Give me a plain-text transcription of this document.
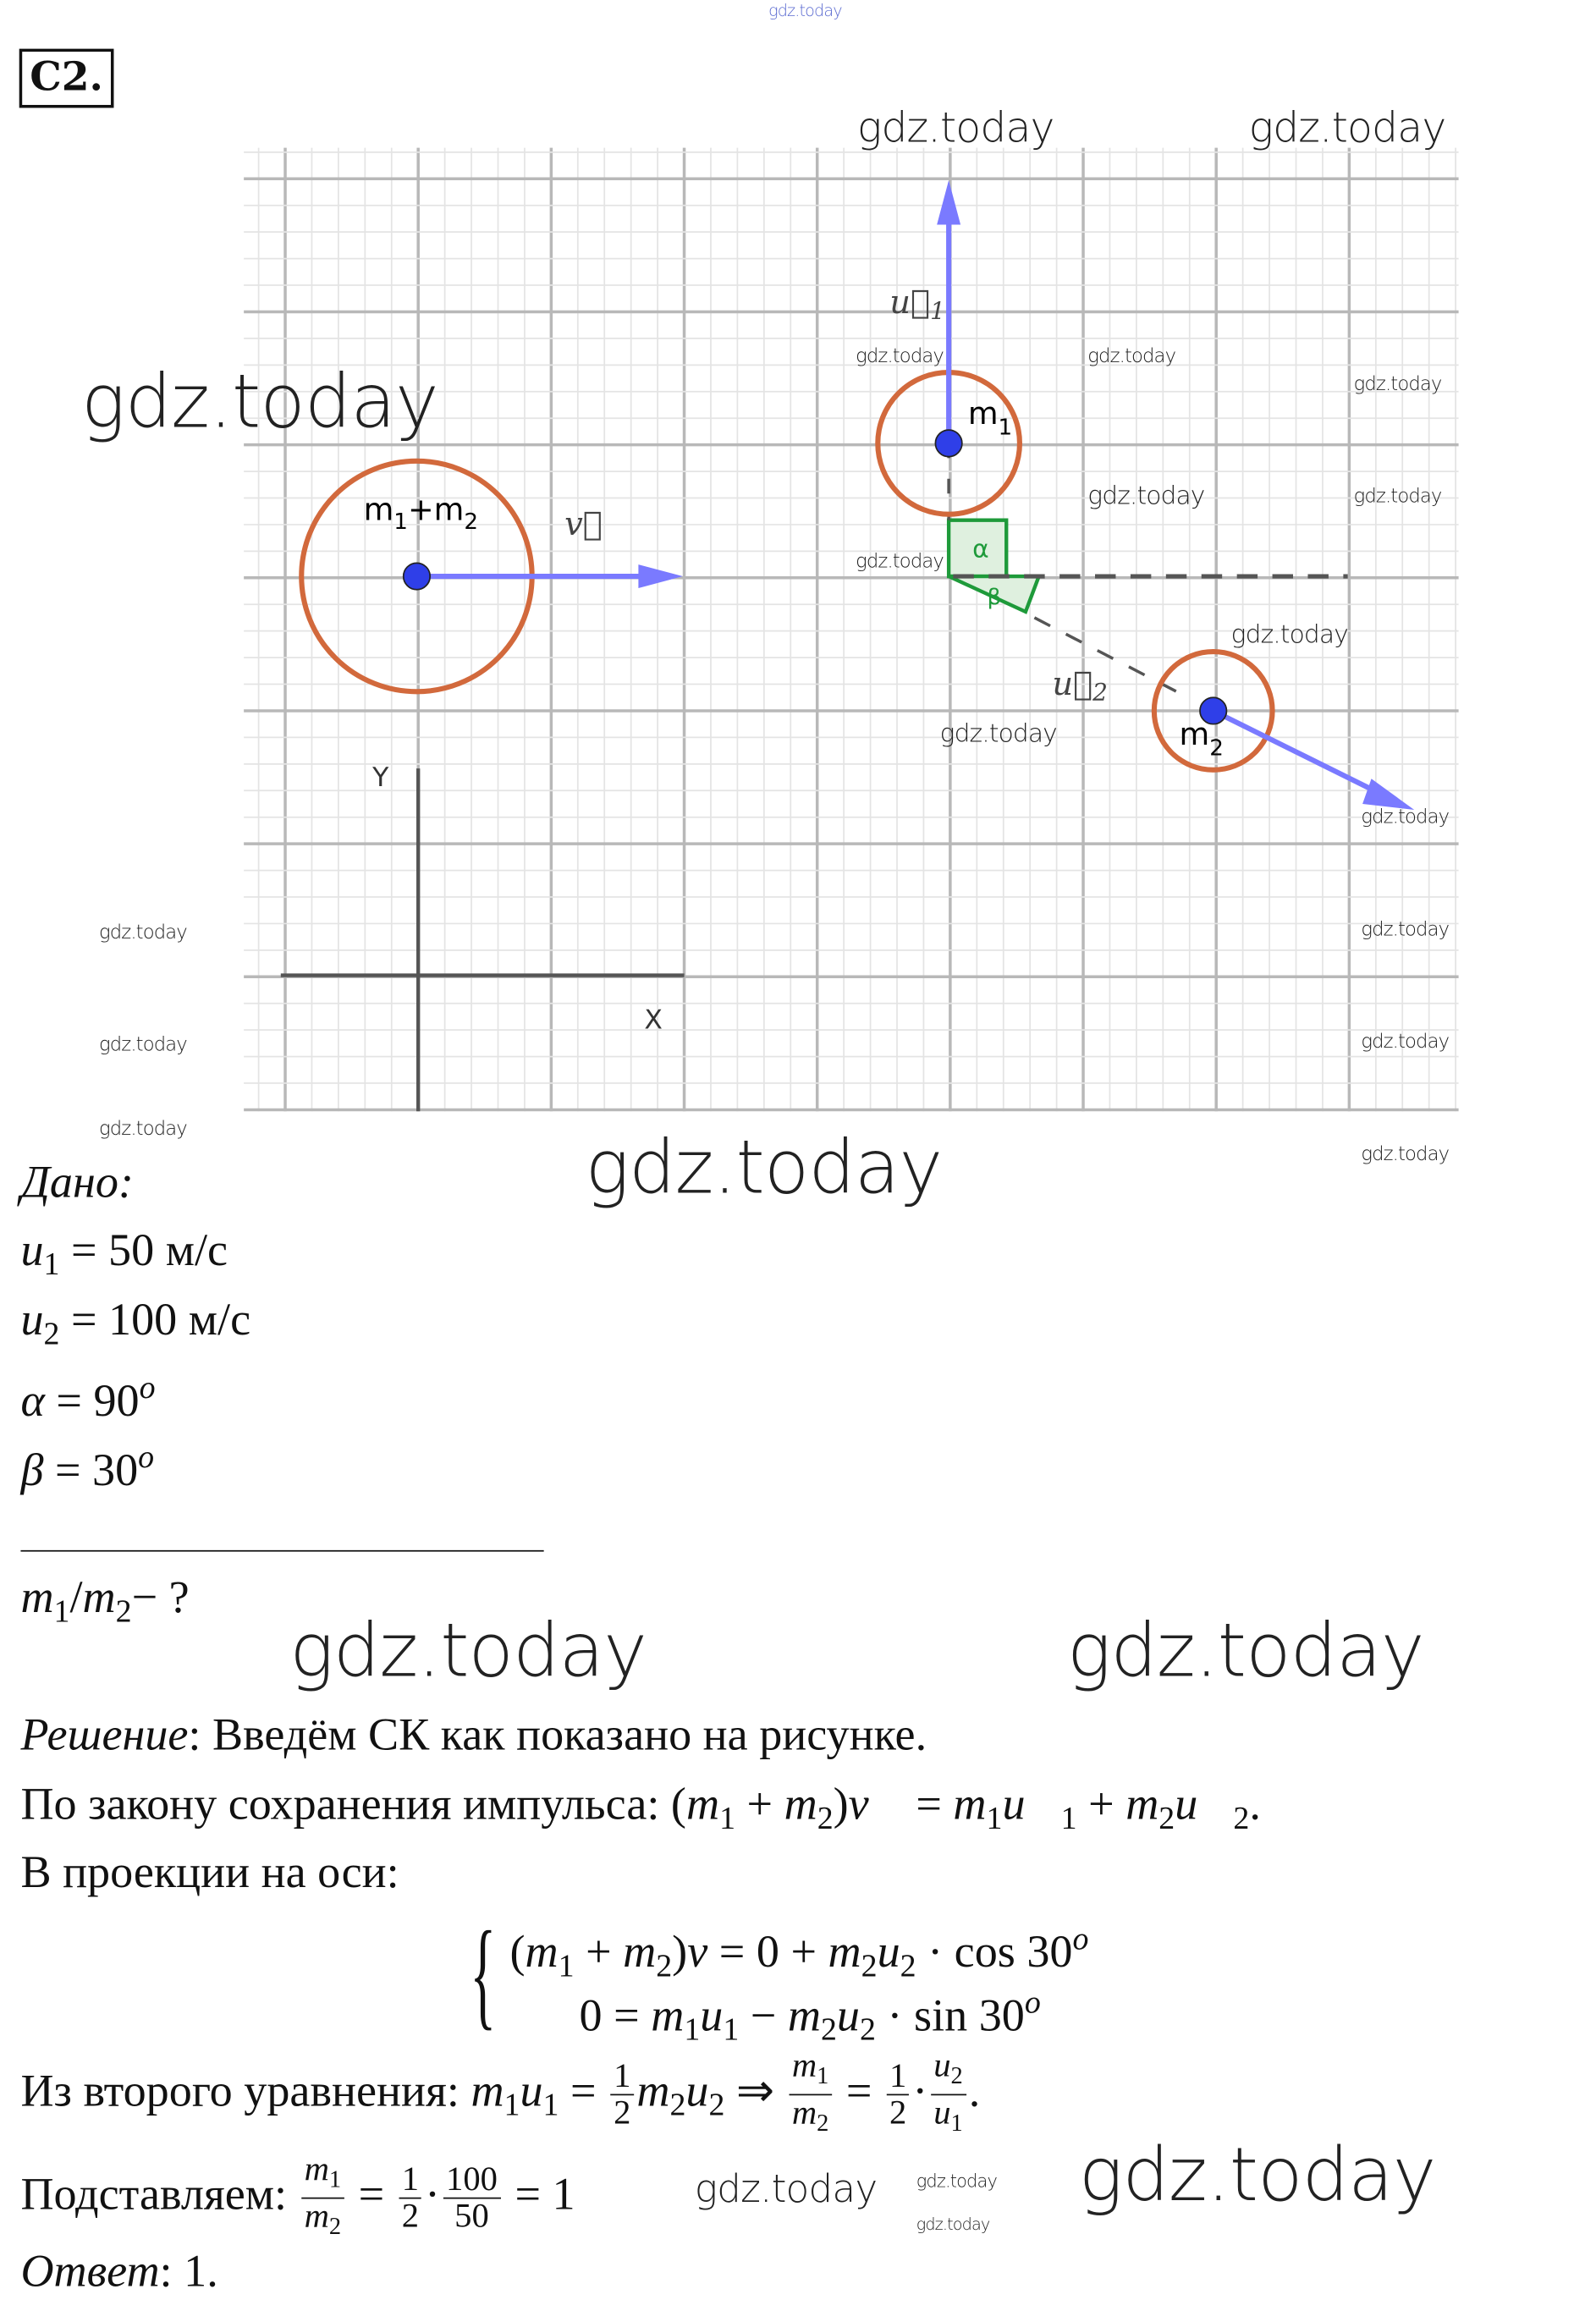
C2.
$m_1+m_2$	v⃗
$m_1$
u⃗1
$m_2$
u⃗2
α
β
Y
X
gdz.today
gdz.today	gdz.today
gdz.today
gdz.today	gdz.today
gdz.today
gdz.today	gdz.today
gdz.today
gdz.today
gdz.today
gdz.today
gdz.today	gdz.today
gdz.today	gdz.today
gdz.today
gdz.today
gdz.today
gdz.today	gdz.today
gdz.today
gdz.today	gdz.today
gdz.today
Дано:
$u_1 = 50$ м/с
$u_2 = 100$ м/с
$\alpha = 90^o$
$\beta = 30^o$
$m_1/m_2-$ ?
Решение: Введём СК как показано на рисунке.
По закону сохранения импульса: ($m_1$ + $m_2)v⃗$ = $m_1u⃗_1$ + $m_2u⃗_2$.
В проекции на оси:
{ $(m_1 + m_2)v = 0 + m_2u_2 \cdot \cos 30^o$
$0 = m_1u_1 - m_2u_2 \cdot \sin 30^o$
Из второго уравнения: $m_1u_1 = \frac{1}{2} m_2u_2$ ⇒ $\frac{m_1}{m_2} = \frac{1}{2} \cdot \frac{u_2}{u_1}$ .
Подставляем: $\frac{m_1}{m_2} = \frac{1}{2} \cdot \frac{100}{50} = 1$
Ответ: 1.
